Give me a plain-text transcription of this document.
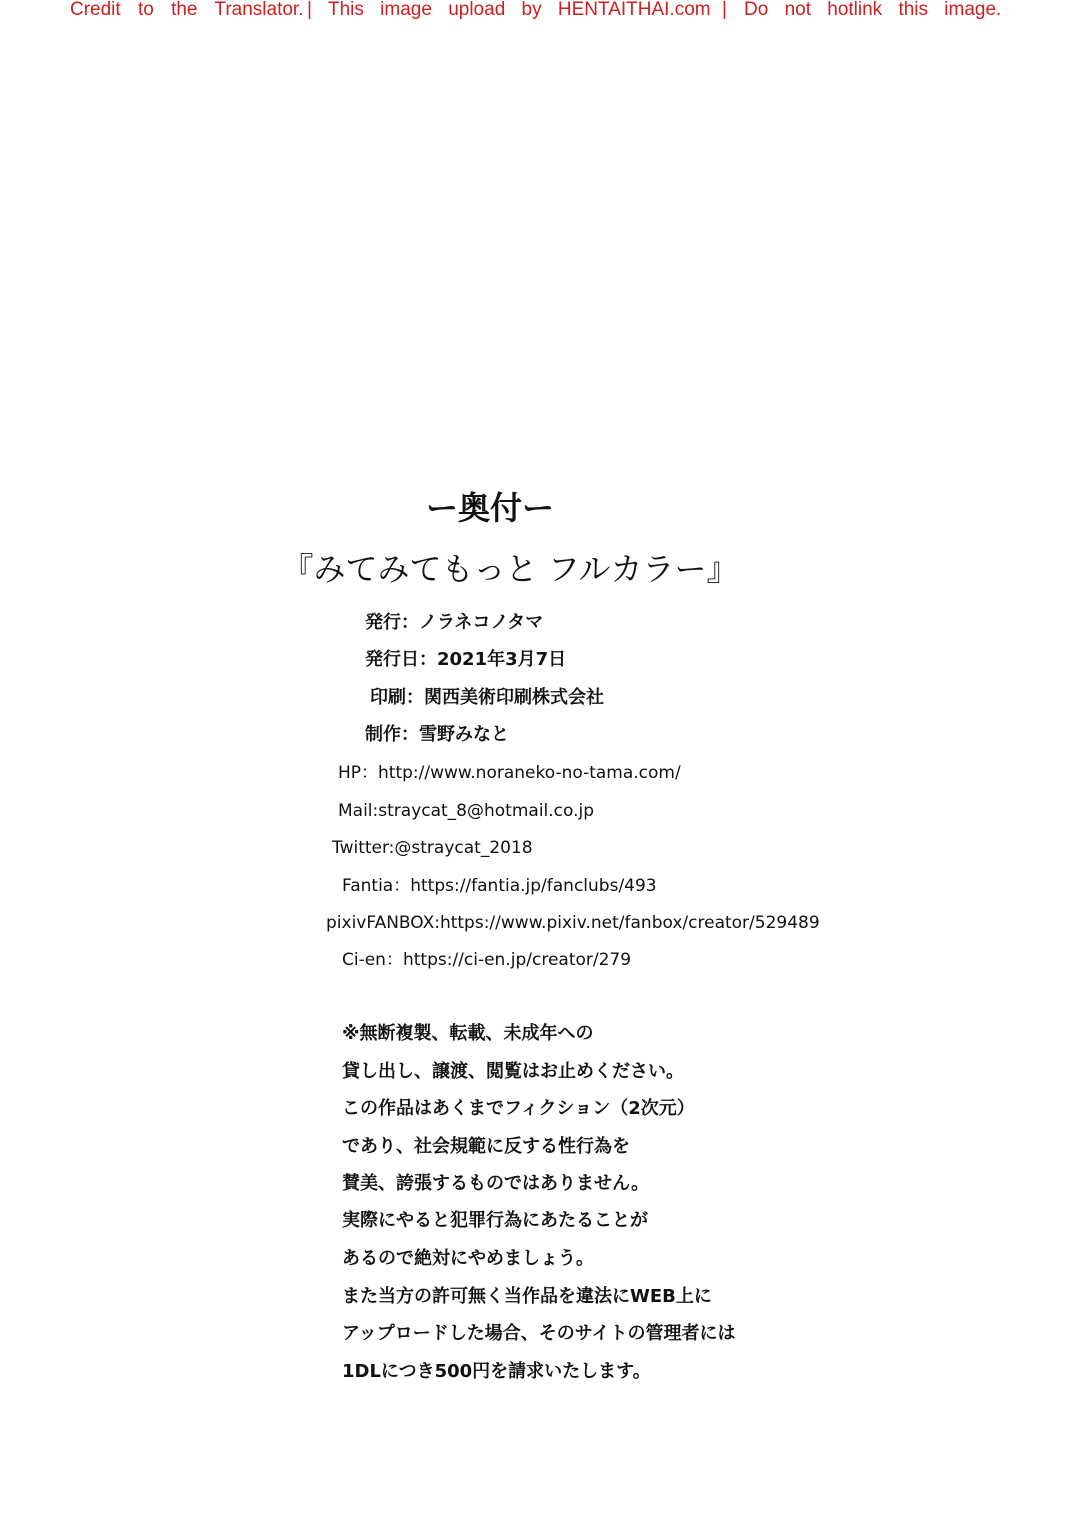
Credit to the Translator. | This image upload by HENTAITHAI.com | Do not hotlink this image.
ー奥付ー
『みてみてもっと フルカラー』
発行：ノラネコノタマ
発行日：2021年3月7日
印刷：関西美術印刷株式会社
制作：雪野みなと
HP：http://www.noraneko-no-tama.com/
Mail:straycat_8@hotmail.co.jp
Twitter:@straycat_2018
Fantia：https://fantia.jp/fanclubs/493
pixivFANBOX:https://www.pixiv.net/fanbox/creator/529489
Ci-en：https://ci-en.jp/creator/279
※無断複製、転載、未成年への
貸し出し、譲渡、閲覧はお止めください。
この作品はあくまでフィクション（2次元）
であり、社会規範に反する性行為を
賛美、誇張するものではありません。
実際にやると犯罪行為にあたることが
あるので絶対にやめましょう。
また当方の許可無く当作品を違法にWEB上に
アップロードした場合、そのサイトの管理者には
1DLにつき500円を請求いたします。
